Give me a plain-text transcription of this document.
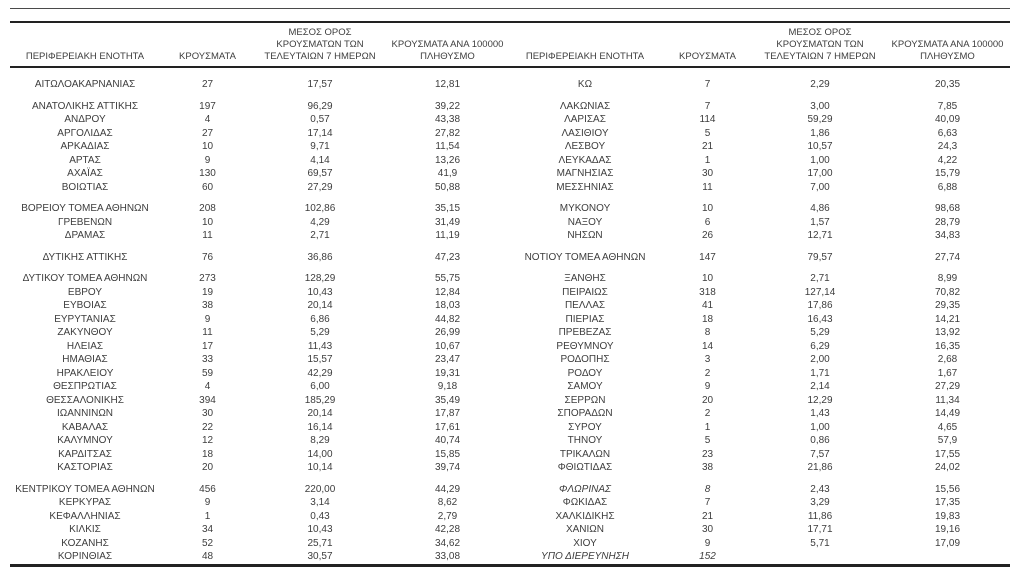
ΠΕΡΙΦΕΡΕΙΑΚΗ ΕΝΟΤΗΤΑ	ΚΡΟΥΣΜΑΤΑ	ΜΕΣΟΣ ΟΡΟΣ ΚΡΟΥΣΜΑΤΩΝ ΤΩΝ ΤΕΛΕΥΤΑΙΩΝ 7 ΗΜΕΡΩΝ	ΚΡΟΥΣΜΑΤΑ ΑΝΑ 100000 ΠΛΗΘΥΣΜΟ	ΠΕΡΙΦΕΡΕΙΑΚΗ ΕΝΟΤΗΤΑ	ΚΡΟΥΣΜΑΤΑ	ΜΕΣΟΣ ΟΡΟΣ ΚΡΟΥΣΜΑΤΩΝ ΤΩΝ ΤΕΛΕΥΤΑΙΩΝ 7 ΗΜΕΡΩΝ	ΚΡΟΥΣΜΑΤΑ ΑΝΑ 100000 ΠΛΗΘΥΣΜΟ

ΑΙΤΩΛΟΑΚΑΡΝΑΝΙΑΣ	27	17,57	12,81	ΚΩ	7	2,29	20,35

ΑΝΑΤΟΛΙΚΗΣ ΑΤΤΙΚΗΣ	197	96,29	39,22	ΛΑΚΩΝΙΑΣ	7	3,00	7,85
ΑΝΔΡΟΥ	4	0,57	43,38	ΛΑΡΙΣΑΣ	114	59,29	40,09
ΑΡΓΟΛΙΔΑΣ	27	17,14	27,82	ΛΑΣΙΘΙΟΥ	5	1,86	6,63
ΑΡΚΑΔΙΑΣ	10	9,71	11,54	ΛΕΣΒΟΥ	21	10,57	24,3
ΑΡΤΑΣ	9	4,14	13,26	ΛΕΥΚΑΔΑΣ	1	1,00	4,22
ΑΧΑΪΑΣ	130	69,57	41,9	ΜΑΓΝΗΣΙΑΣ	30	17,00	15,79
ΒΟΙΩΤΙΑΣ	60	27,29	50,88	ΜΕΣΣΗΝΙΑΣ	11	7,00	6,88

ΒΟΡΕΙΟΥ ΤΟΜΕΑ ΑΘΗΝΩΝ	208	102,86	35,15	ΜΥΚΟΝΟΥ	10	4,86	98,68
ΓΡΕΒΕΝΩΝ	10	4,29	31,49	ΝΑΞΟΥ	6	1,57	28,79
ΔΡΑΜΑΣ	11	2,71	11,19	ΝΗΣΩΝ	26	12,71	34,83

ΔΥΤΙΚΗΣ ΑΤΤΙΚΗΣ	76	36,86	47,23	ΝΟΤΙΟΥ ΤΟΜΕΑ ΑΘΗΝΩΝ	147	79,57	27,74

ΔΥΤΙΚΟΥ ΤΟΜΕΑ ΑΘΗΝΩΝ	273	128,29	55,75	ΞΑΝΘΗΣ	10	2,71	8,99
ΕΒΡΟΥ	19	10,43	12,84	ΠΕΙΡΑΙΩΣ	318	127,14	70,82
ΕΥΒΟΙΑΣ	38	20,14	18,03	ΠΕΛΛΑΣ	41	17,86	29,35
ΕΥΡΥΤΑΝΙΑΣ	9	6,86	44,82	ΠΙΕΡΙΑΣ	18	16,43	14,21
ΖΑΚΥΝΘΟΥ	11	5,29	26,99	ΠΡΕΒΕΖΑΣ	8	5,29	13,92
ΗΛΕΙΑΣ	17	11,43	10,67	ΡΕΘΥΜΝΟΥ	14	6,29	16,35
ΗΜΑΘΙΑΣ	33	15,57	23,47	ΡΟΔΟΠΗΣ	3	2,00	2,68
ΗΡΑΚΛΕΙΟΥ	59	42,29	19,31	ΡΟΔΟΥ	2	1,71	1,67
ΘΕΣΠΡΩΤΙΑΣ	4	6,00	9,18	ΣΑΜΟΥ	9	2,14	27,29
ΘΕΣΣΑΛΟΝΙΚΗΣ	394	185,29	35,49	ΣΕΡΡΩΝ	20	12,29	11,34
ΙΩΑΝΝΙΝΩΝ	30	20,14	17,87	ΣΠΟΡΑΔΩΝ	2	1,43	14,49
ΚΑΒΑΛΑΣ	22	16,14	17,61	ΣΥΡΟΥ	1	1,00	4,65
ΚΑΛΥΜΝΟΥ	12	8,29	40,74	ΤΗΝΟΥ	5	0,86	57,9
ΚΑΡΔΙΤΣΑΣ	18	14,00	15,85	ΤΡΙΚΑΛΩΝ	23	7,57	17,55
ΚΑΣΤΟΡΙΑΣ	20	10,14	39,74	ΦΘΙΩΤΙΔΑΣ	38	21,86	24,02

ΚΕΝΤΡΙΚΟΥ ΤΟΜΕΑ ΑΘΗΝΩΝ	456	220,00	44,29	ΦΛΩΡΙΝΑΣ	8	2,43	15,56
ΚΕΡΚΥΡΑΣ	9	3,14	8,62	ΦΩΚΙΔΑΣ	7	3,29	17,35
ΚΕΦΑΛΛΗΝΙΑΣ	1	0,43	2,79	ΧΑΛΚΙΔΙΚΗΣ	21	11,86	19,83
ΚΙΛΚΙΣ	34	10,43	42,28	ΧΑΝΙΩΝ	30	17,71	19,16
ΚΟΖΑΝΗΣ	52	25,71	34,62	ΧΙΟΥ	9	5,71	17,09
ΚΟΡΙΝΘΙΑΣ	48	30,57	33,08	ΥΠΟ ΔΙΕΡΕΥΝΗΣΗ	152		
